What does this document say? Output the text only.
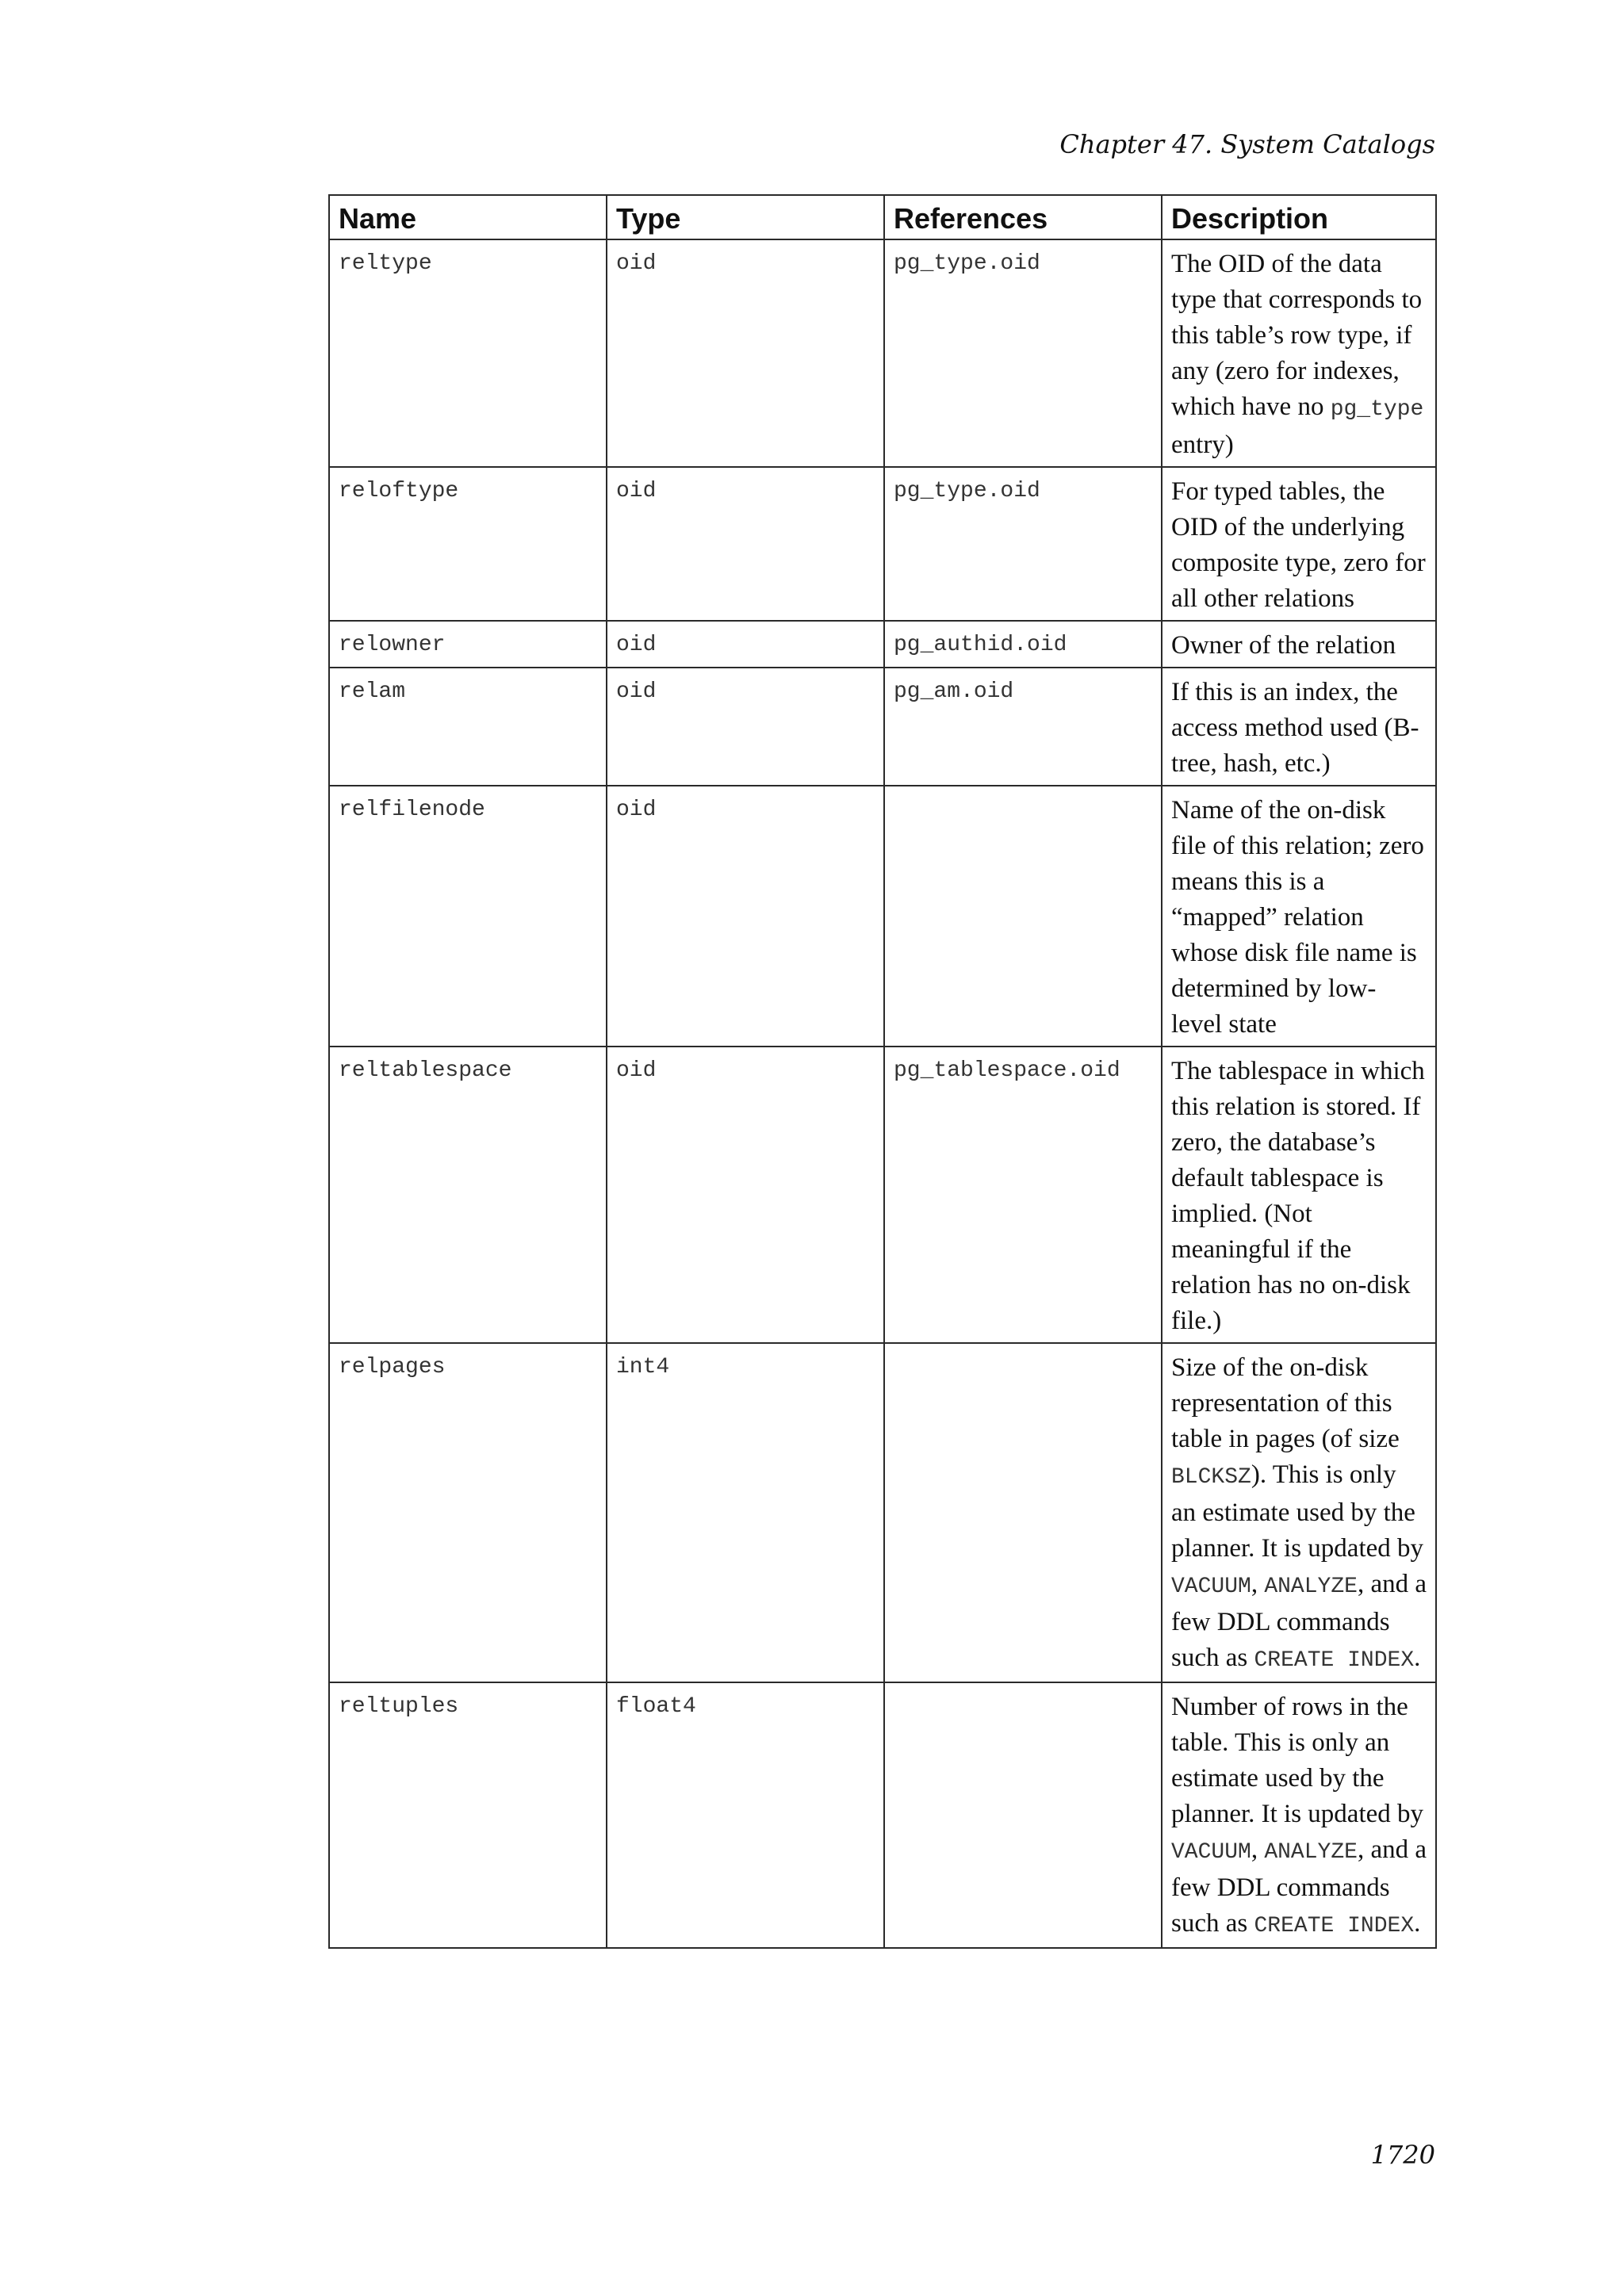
Chapter 47. System Catalogs
Name	Type	References	Description
reltype	oid	pg_type.oid	The OID of the data type that corresponds to this table’s row type, if any (zero for indexes, which have no pg_type entry)
reloftype	oid	pg_type.oid	For typed tables, the OID of the underlying composite type, zero for all other relations
relowner	oid	pg_authid.oid	Owner of the relation
relam	oid	pg_am.oid	If this is an index, the access method used (B-tree, hash, etc.)
relfilenode	oid		Name of the on-disk file of this relation; zero means this is a “mapped” relation whose disk file name is determined by low-level state
reltablespace	oid	pg_tablespace.oid	The tablespace in which this relation is stored. If zero, the database’s default tablespace is implied. (Not meaningful if the relation has no on-disk file.)
relpages	int4		Size of the on-disk representation of this table in pages (of size BLCKSZ). This is only an estimate used by the planner. It is updated by VACUUM, ANALYZE, and a few DDL commands such as CREATE INDEX.
reltuples	float4		Number of rows in the table. This is only an estimate used by the planner. It is updated by VACUUM, ANALYZE, and a few DDL commands such as CREATE INDEX.
1720
